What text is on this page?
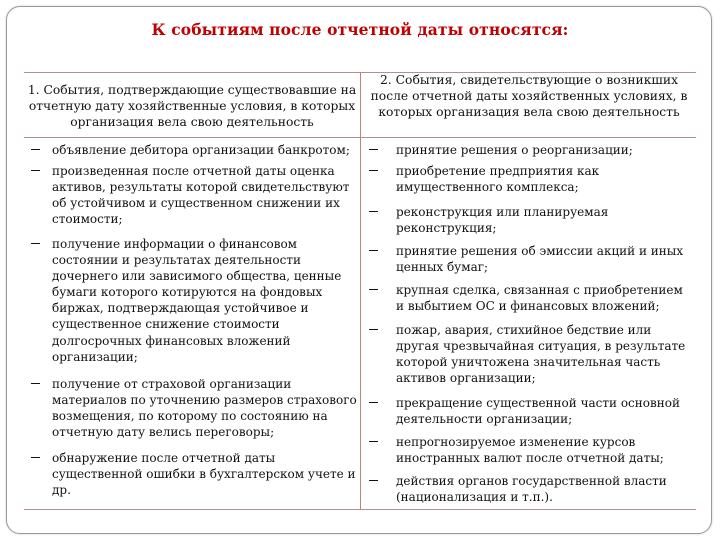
К событиям после отчетной даты относятся:
1. События, подтверждающие существовавшие на отчетную дату хозяйственные условия, в которых организация вела свою деятельность
2. События, свидетельствующие о возникших после отчетной даты хозяйственных условиях, в которых организация вела свою деятельность
объявление дебитора организации банкротом;
произведенная после отчетной даты оценка активов, результаты которой свидетельствуют об устойчивом и существенном снижении их стоимости;
получение информации о финансовом состоянии и результатах деятельности дочернего или зависимого общества, ценные бумаги которого котируются на фондовых биржах, подтверждающая устойчивое и существенное снижение стоимости долгосрочных финансовых вложений организации;
получение от страховой организации материалов по уточнению размеров страхового возмещения, по которому по состоянию на отчетную дату велись переговоры;
обнаружение после отчетной даты существенной ошибки в бухгалтерском учете и др.
принятие решения о реорганизации;
приобретение предприятия как имущественного комплекса;
реконструкция или планируемая реконструкция;
принятие решения об эмиссии акций и иных ценных бумаг;
крупная сделка, связанная с приобретением и выбытием ОС и финансовых вложений;
пожар, авария, стихийное бедствие или другая чрезвычайная ситуация, в результате которой уничтожена значительная часть активов организации;
прекращение существенной части основной деятельности организации;
непрогнозируемое изменение курсов иностранных валют после отчетной даты;
действия органов государственной власти (национализация и т.п.).
